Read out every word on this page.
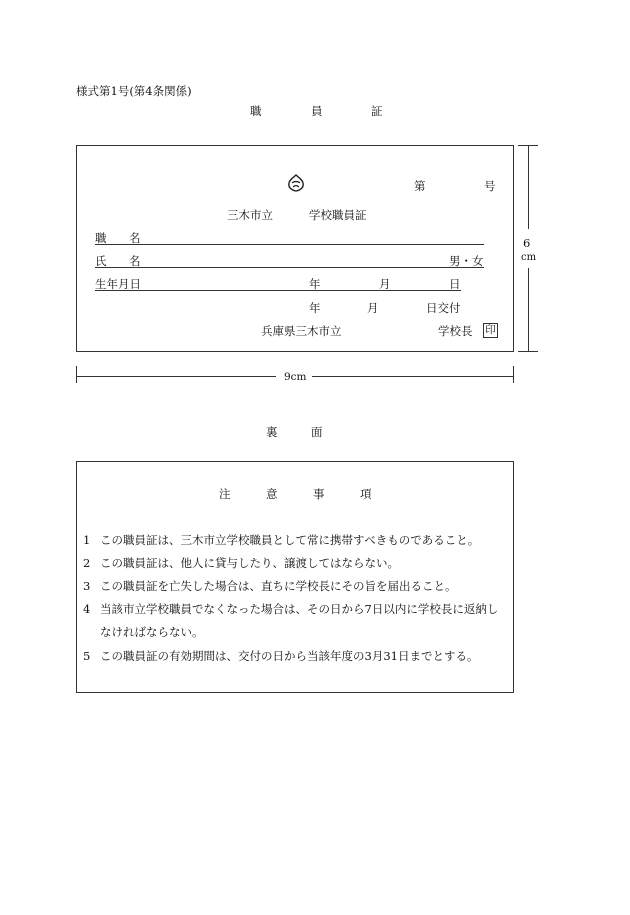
様式第1号(第4条関係)
職	員	証
第	号
三木市立	学校職員証
職 名
氏 名	男・女
生年月日	年	月	日
年	月	日交付
兵庫県三木市立	学校長 印
6
cm
9cm
裏	面
注	意	事	項
1 この職員証は、三木市立学校職員として常に携帯すべきものであること。
2 この職員証は、他人に貸与したり、譲渡してはならない。
3 この職員証を亡失した場合は、直ちに学校長にその旨を届出ること。
4 当該市立学校職員でなくなった場合は、その日から7日以内に学校長に返納し
なければならない。
5 この職員証の有効期間は、交付の日から当該年度の3月31日までとする。
